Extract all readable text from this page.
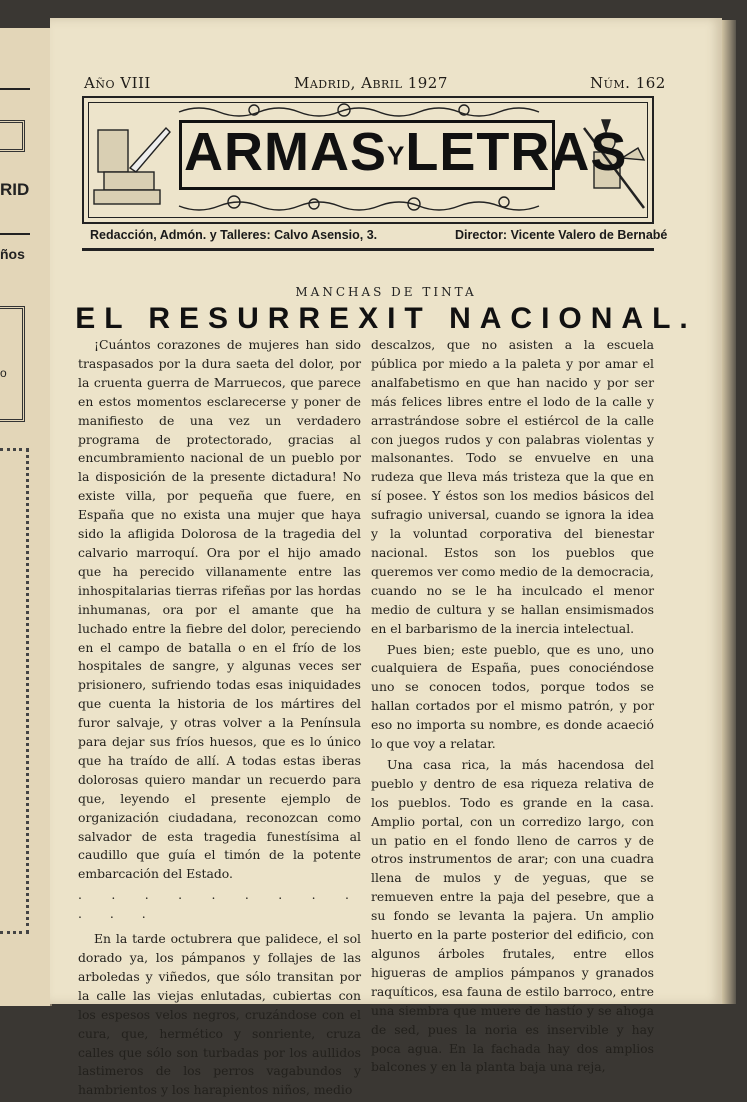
RID
ños
o
Año VIII	Madrid, Abril 1927	Núm. 162
ARMASYLETRAS
Redacción, Admón. y Talleres: Calvo Asensio, 3.	Director: Vicente Valero de Bernabé
MANCHAS DE TINTA
EL RESURREXIT NACIONAL.

¡Cuántos corazones de mujeres han sido traspasados por la dura saeta del dolor, por la cruenta guerra de Marruecos, que parece en estos momentos esclarecerse y poner de manifiesto de una vez un verdadero programa de protectorado, gracias al encumbramiento nacional de un pueblo por la disposición de la presente dictadura! No existe villa, por pequeña que fuere, en España que no exista una mujer que haya sido la afligida Dolorosa de la tragedia del calvario marroquí. Ora por el hijo amado que ha perecido villanamente entre las inhospitalarias tierras rifeñas por las hordas inhumanas, ora por el amante que ha luchado entre la fiebre del dolor, pereciendo en el campo de batalla o en el frío de los hospitales de sangre, y algunas veces ser prisionero, sufriendo todas esas iniquidades que cuenta la historia de los mártires del furor salvaje, y otras volver a la Península para dejar sus fríos huesos, que es lo único que ha traído de allí. A todas estas iberas dolorosas quiero mandar un recuerdo para que, leyendo el presente ejemplo de organización ciudadana, reconozcan como salvador de esta tragedia funestísima al caudillo que guía el timón de la potente embarcación del Estado.

. . . . . . . . . . . .

En la tarde octubrera que palidece, el sol dorado ya, los pámpanos y follajes de las arboledas y viñedos, que sólo transitan por la calle las viejas enlutadas, cubiertas con los espesos velos negros, cruzándose con el cura, que, hermético y sonriente, cruza calles que sólo son turbadas por los aullidos lastimeros de los perros vagabundos y hambrientos y los harapientos niños, medio

descalzos, que no asisten a la escuela pública por miedo a la paleta y por amar el analfabetismo en que han nacido y por ser más felices libres entre el lodo de la calle y arrastrándose sobre el estiércol de la calle con juegos rudos y con palabras violentas y malsonantes. Todo se envuelve en una rudeza que lleva más tristeza que la que en sí posee. Y éstos son los medios básicos del sufragio universal, cuando se ignora la idea y la voluntad corporativa del bienestar nacional. Estos son los pueblos que queremos ver como medio de la democracia, cuando no se le ha inculcado el menor medio de cultura y se hallan ensimismados en el barbarismo de la inercia intelectual.

Pues bien; este pueblo, que es uno, uno cualquiera de España, pues conociéndose uno se conocen todos, porque todos se hallan cortados por el mismo patrón, y por eso no importa su nombre, es donde acaeció lo que voy a relatar.

Una casa rica, la más hacendosa del pueblo y dentro de esa riqueza relativa de los pueblos. Todo es grande en la casa. Amplio portal, con un corredizo largo, con un patio en el fondo lleno de carros y de otros instrumentos de arar; con una cuadra llena de mulos y de yeguas, que se remueven entre la paja del pesebre, que a su fondo se levanta la pajera. Un amplio huerto en la parte posterior del edificio, con algunos árboles frutales, entre ellos higueras de amplios pámpanos y granados raquíticos, esa fauna de estilo barroco, entre una siembra que muere de hastío y se ahoga de sed, pues la noria es inservible y hay poca agua. En la fachada hay dos amplios balcones y en la planta baja una reja,
